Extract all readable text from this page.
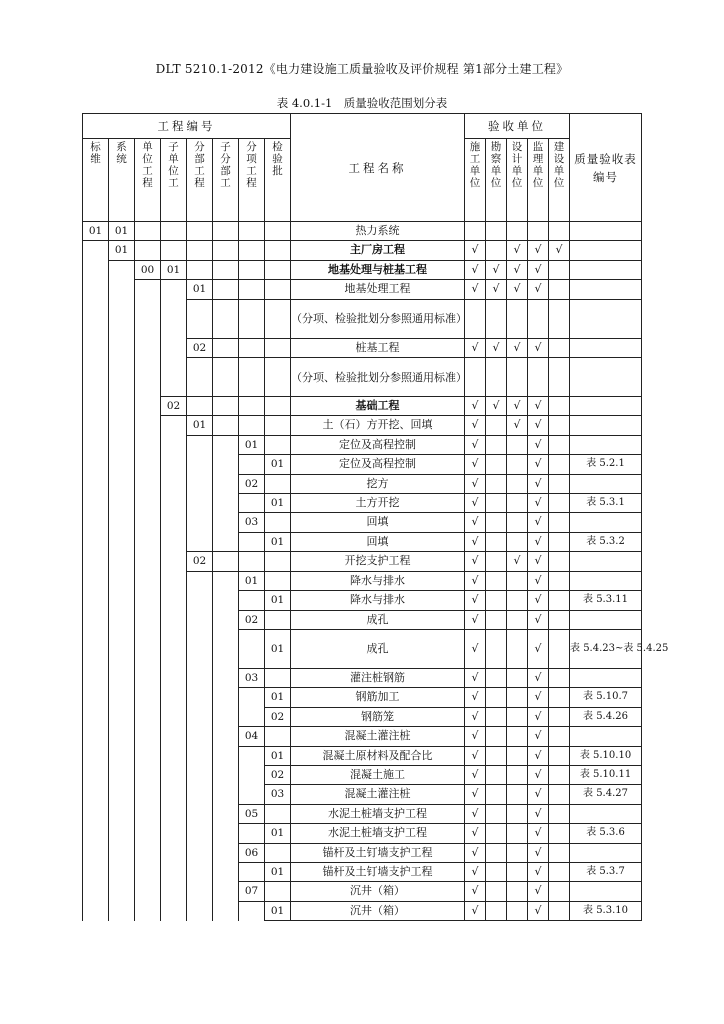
DLT 5210.1-2012《电力建设施工质量验收及评价规程 第1部分土建工程》
表 4.0.1-1　质量验收范围划分表
工程编号								工程名称	验收单位					质量验收表编号
标维	系统	单位工程	子单位工	分部工程	子分部工	分项工程	检验批		施工单位	勘察单位	设计单位	监理单位	建设单位	
01	01							热力系统						
	01							主厂房工程	√		√	√	√	
		00	01					地基处理与桩基工程	√	√	√	√		
				01				地基处理工程	√	√	√	√		
								（分项、检验批划分参照通用标准）						
				02				桩基工程	√	√	√	√		
								（分项、检验批划分参照通用标准）						
			02					基础工程	√	√	√	√		
				01				土（石）方开挖、回填	√		√	√		
						01		定位及高程控制	√			√		
							01	定位及高程控制	√			√		表 5.2.1
						02		挖方	√			√		
							01	土方开挖	√			√		表 5.3.1
						03		回填	√			√		
							01	回填	√			√		表 5.3.2
				02				开挖支护工程	√		√	√		
						01		降水与排水	√			√		
							01	降水与排水	√			√		表 5.3.11
						02		成孔	√			√		
							01	成孔	√			√		表 5.4.23~表 5.4.25
						03		灌注桩钢筋	√			√		
							01	钢筋加工	√			√		表 5.10.7
							02	钢筋笼	√			√		表 5.4.26
						04		混凝土灌注桩	√			√		
							01	混凝土原材料及配合比	√			√		表 5.10.10
							02	混凝土施工	√			√		表 5.10.11
							03	混凝土灌注桩	√			√		表 5.4.27
						05		水泥土桩墙支护工程	√			√		
							01	水泥土桩墙支护工程	√			√		表 5.3.6
						06		锚杆及土钉墙支护工程	√			√		
							01	锚杆及土钉墙支护工程	√			√		表 5.3.7
						07		沉井（箱）	√			√		
							01	沉井（箱）	√			√		表 5.3.10
